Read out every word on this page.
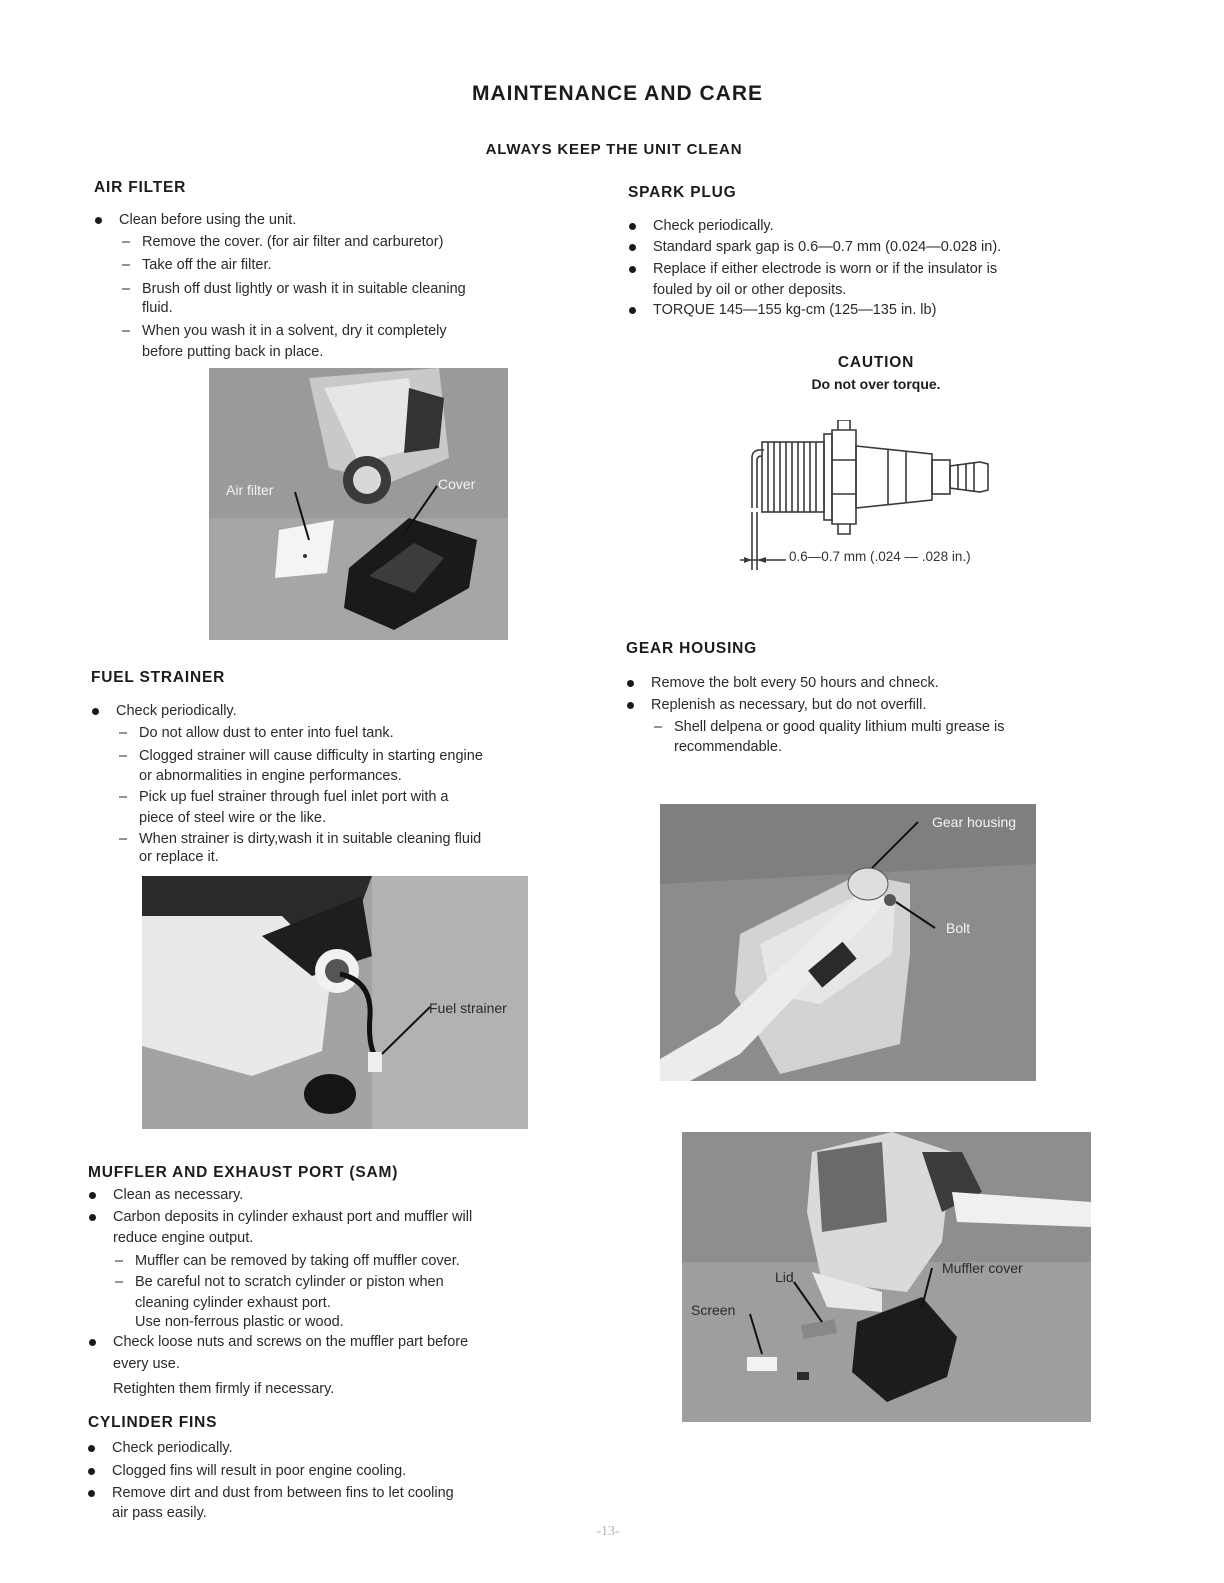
MAINTENANCE AND CARE
ALWAYS KEEP THE UNIT CLEAN
AIR FILTER
Clean before using the unit.
– Remove the cover. (for air filter and carburetor)
– Take off the air filter.
– Brush off dust lightly or wash it in suitable cleaning
fluid.
– When you wash it in a solvent, dry it completely
before putting back in place.
Air filter	Cover
FUEL STRAINER
Check periodically.
– Do not allow dust to enter into fuel tank.
– Clogged strainer will cause difficulty in starting engine
or abnormalities in engine performances.
– Pick up fuel strainer through fuel inlet port with a
piece of steel wire or the like.
– When strainer is dirty,wash it in suitable cleaning fluid
or replace it.
Fuel strainer
MUFFLER AND EXHAUST PORT (SAM)
Clean as necessary.
Carbon deposits in cylinder exhaust port and muffler will
reduce engine output.
– Muffler can be removed by taking off muffler cover.
– Be careful not to scratch cylinder or piston when
cleaning cylinder exhaust port.
Use non-ferrous plastic or wood.
Check loose nuts and screws on the muffler part before
every use.
Retighten them firmly if necessary.
CYLINDER FINS
Check periodically.
Clogged fins will result in poor engine cooling.
Remove dirt and dust from between fins to let cooling
air pass easily.
SPARK PLUG
Check periodically.
Standard spark gap is 0.6—0.7 mm (0.024—0.028 in).
Replace if either electrode is worn or if the insulator is
fouled by oil or other deposits.
TORQUE 145—155 kg-cm (125—135 in. lb)
CAUTION
Do not over torque.
0.6—0.7 mm (.024 — .028 in.)
GEAR HOUSING
Remove the bolt every 50 hours and chneck.
Replenish as necessary, but do not overfill.
– Shell delpena or good quality lithium multi grease is
recommendable.
Gear housing
Bolt
Lid
Muffler cover
Screen
-13-
